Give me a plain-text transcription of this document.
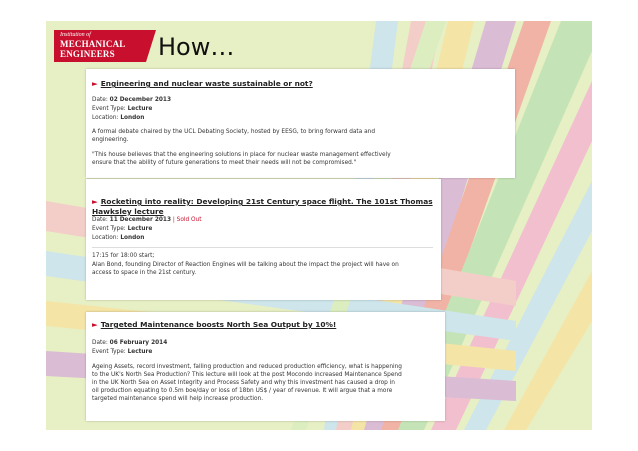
Institution of
MECHANICAL
ENGINEERS How…
► Engineering and nuclear waste sustainable or not?
Date: 02 December 2013
Event Type: Lecture
Location: London
A formal debate chaired by the UCL Debating Society, hosted by EESG, to bring forward data and
engineering.
"This house believes that the engineering solutions in place for nuclear waste management effectively
ensure that the ability of future generations to meet their needs will not be compromised."

► Rocketing into reality: Developing 21st Century space flight. The 101st Thomas
Hawksley lecture

Date: 11 December 2013 | Sold Out
Event Type: Lecture
Location: London
17:15 for 18:00 start;
Alan Bond, founding Director of Reaction Engines will be talking about the impact the project will have on
access to space in the 21st century.
► Targeted Maintenance boosts North Sea Output by 10%!
Date: 06 February 2014
Event Type: Lecture
Ageing Assets, record investment, falling production and reduced production efficiency, what is happening
to the UK's North Sea Production? This lecture will look at the post Mocondo increased Maintenance Spend
in the UK North Sea on Asset Integrity and Process Safety and why this investment has caused a drop in
oil production equating to 0.5m boe/day or loss of 18bn US$ / year of revenue. It will argue that a more
targeted maintenance spend will help increase production.
